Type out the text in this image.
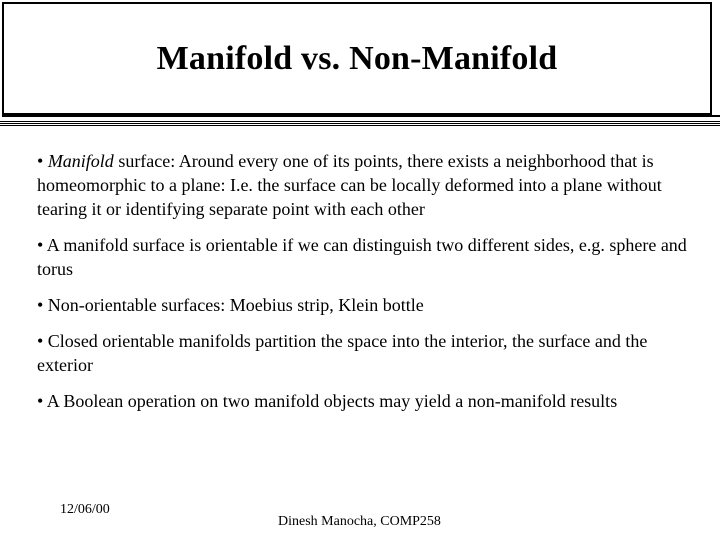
Manifold vs. Non-Manifold

• Manifold surface: Around every one of its points, there exists a neighborhood that is homeomorphic to a plane: I.e. the surface can be locally deformed into a plane without tearing it or identifying separate point with each other

• A manifold surface is orientable if we can distinguish two different sides, e.g. sphere and torus

• Non-orientable surfaces: Moebius strip, Klein bottle

• Closed orientable manifolds partition the space into the interior, the surface and the exterior

• A Boolean operation on two manifold objects may yield a non-manifold results

12/06/00
Dinesh Manocha, COMP258
